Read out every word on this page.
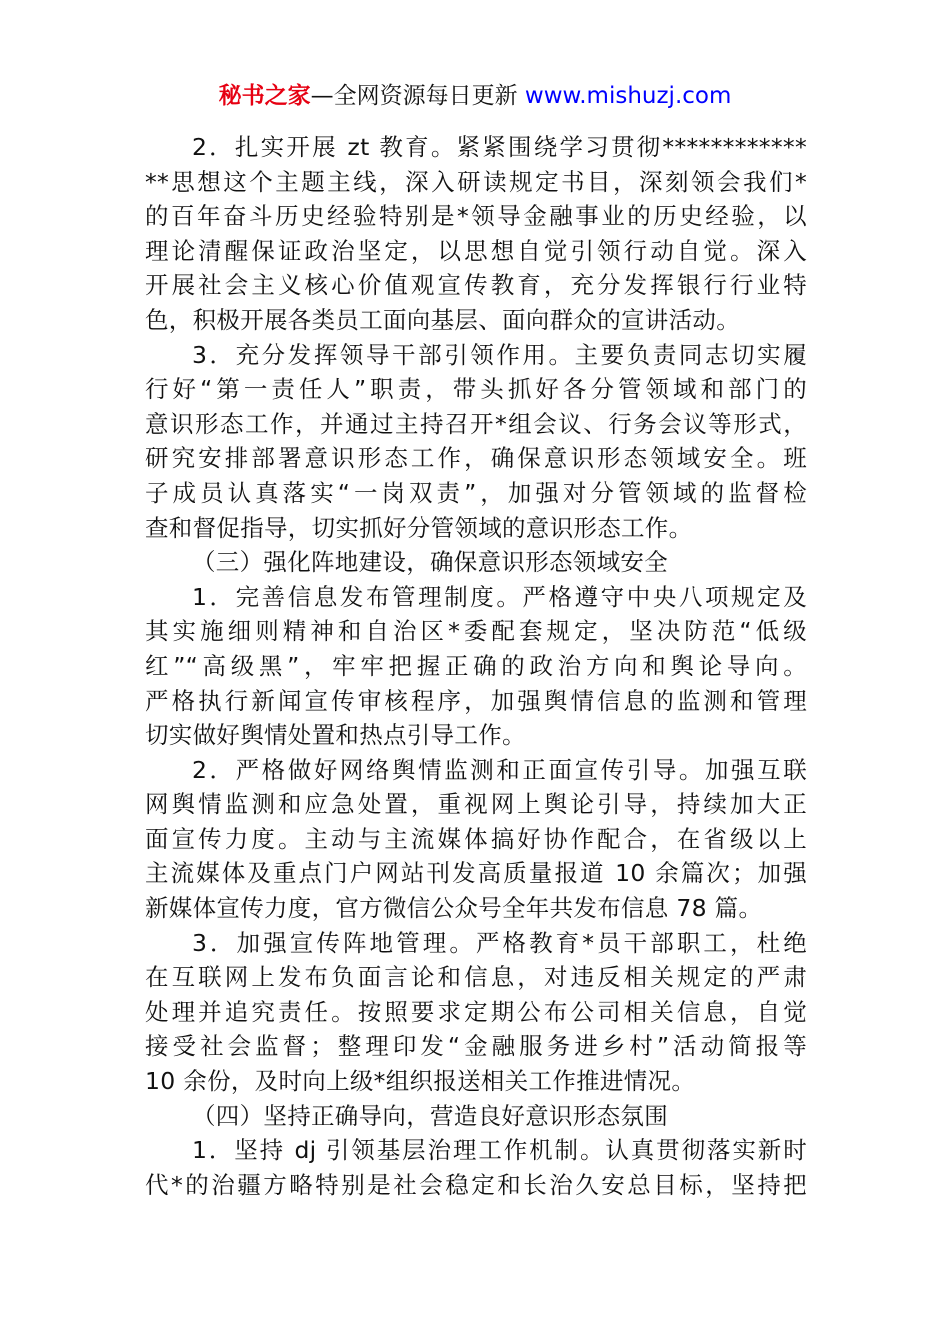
秘书之家—全网资源每日更新 www.mishuzj.com
2．扎实开展 zt 教育。紧紧围绕学习贯彻************
**思想这个主题主线，深入研读规定书目，深刻领会我们*
的百年奋斗历史经验特别是*领导金融事业的历史经验，以
理论清醒保证政治坚定，以思想自觉引领行动自觉。深入
开展社会主义核心价值观宣传教育，充分发挥银行行业特
色，积极开展各类员工面向基层、面向群众的宣讲活动。
3．充分发挥领导干部引领作用。主要负责同志切实履
行好“第一责任人”职责，带头抓好各分管领域和部门的
意识形态工作，并通过主持召开*组会议、行务会议等形式，
研究安排部署意识形态工作，确保意识形态领域安全。班
子成员认真落实“一岗双责”，加强对分管领域的监督检
查和督促指导，切实抓好分管领域的意识形态工作。
（三）强化阵地建设，确保意识形态领域安全
1．完善信息发布管理制度。严格遵守中央八项规定及
其实施细则精神和自治区*委配套规定，坚决防范“低级
红”“高级黑”，牢牢把握正确的政治方向和舆论导向。
严格执行新闻宣传审核程序，加强舆情信息的监测和管理
切实做好舆情处置和热点引导工作。
2．严格做好网络舆情监测和正面宣传引导。加强互联
网舆情监测和应急处置，重视网上舆论引导，持续加大正
面宣传力度。主动与主流媒体搞好协作配合，在省级以上
主流媒体及重点门户网站刊发高质量报道 10 余篇次；加强
新媒体宣传力度，官方微信公众号全年共发布信息 78 篇。
3．加强宣传阵地管理。严格教育*员干部职工，杜绝
在互联网上发布负面言论和信息，对违反相关规定的严肃
处理并追究责任。按照要求定期公布公司相关信息，自觉
接受社会监督；整理印发“金融服务进乡村”活动简报等
10 余份，及时向上级*组织报送相关工作推进情况。
（四）坚持正确导向，营造良好意识形态氛围
1．坚持 dj 引领基层治理工作机制。认真贯彻落实新时
代*的治疆方略特别是社会稳定和长治久安总目标，坚持把
